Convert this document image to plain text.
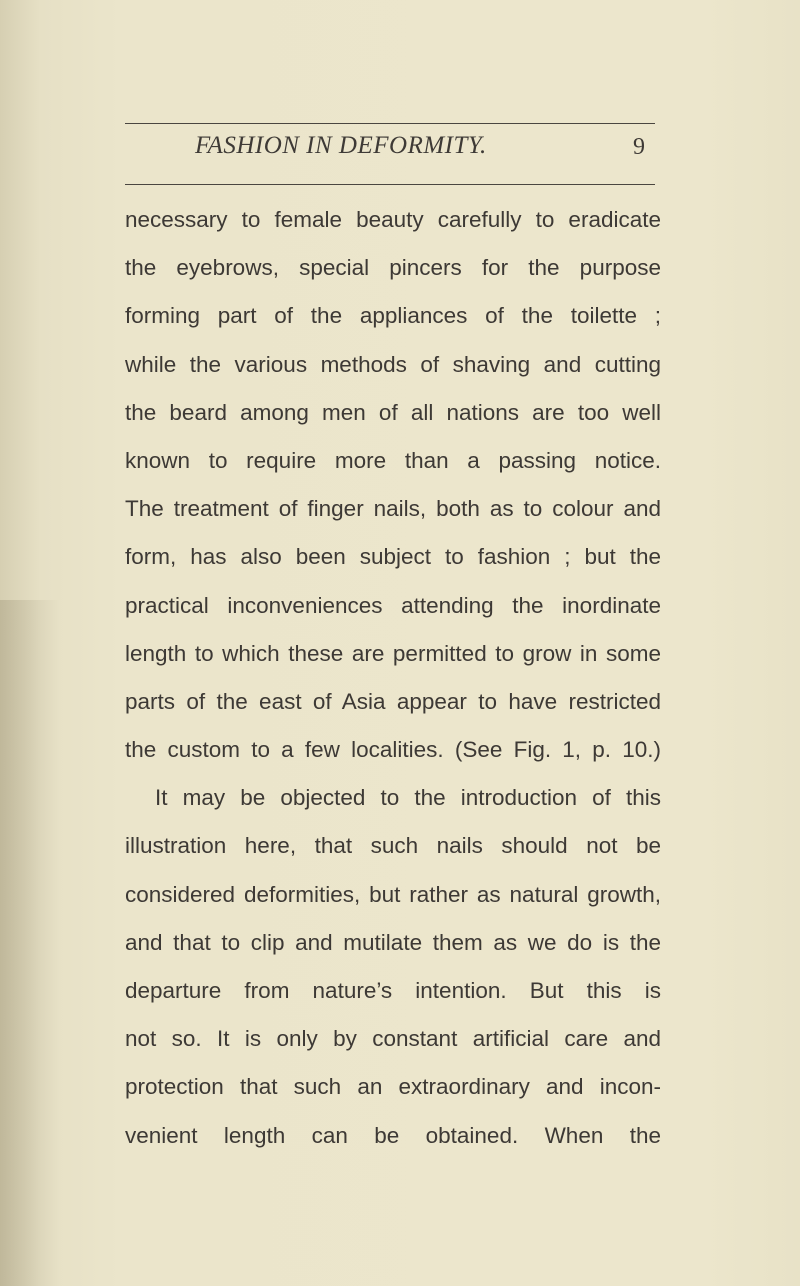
FASHION IN DEFORMITY.	9
necessary to female beauty carefully to eradicate
the eyebrows, special pincers for the purpose
forming part of the appliances of the toilette ;
while the various methods of shaving and cutting
the beard among men of all nations are too well
known to require more than a passing notice.
The treatment of finger nails, both as to colour and
form, has also been subject to fashion ; but the
practical inconveniences attending the inordinate
length to which these are permitted to grow in some
parts of the east of Asia appear to have restricted
the custom to a few localities. (See Fig. 1, p. 10.)
It may be objected to the introduction of this
illustration here, that such nails should not be
considered deformities, but rather as natural growth,
and that to clip and mutilate them as we do is the
departure from nature’s intention. But this is
not so. It is only by constant artificial care and
protection that such an extraordinary and incon-
venient length can be obtained. When the
